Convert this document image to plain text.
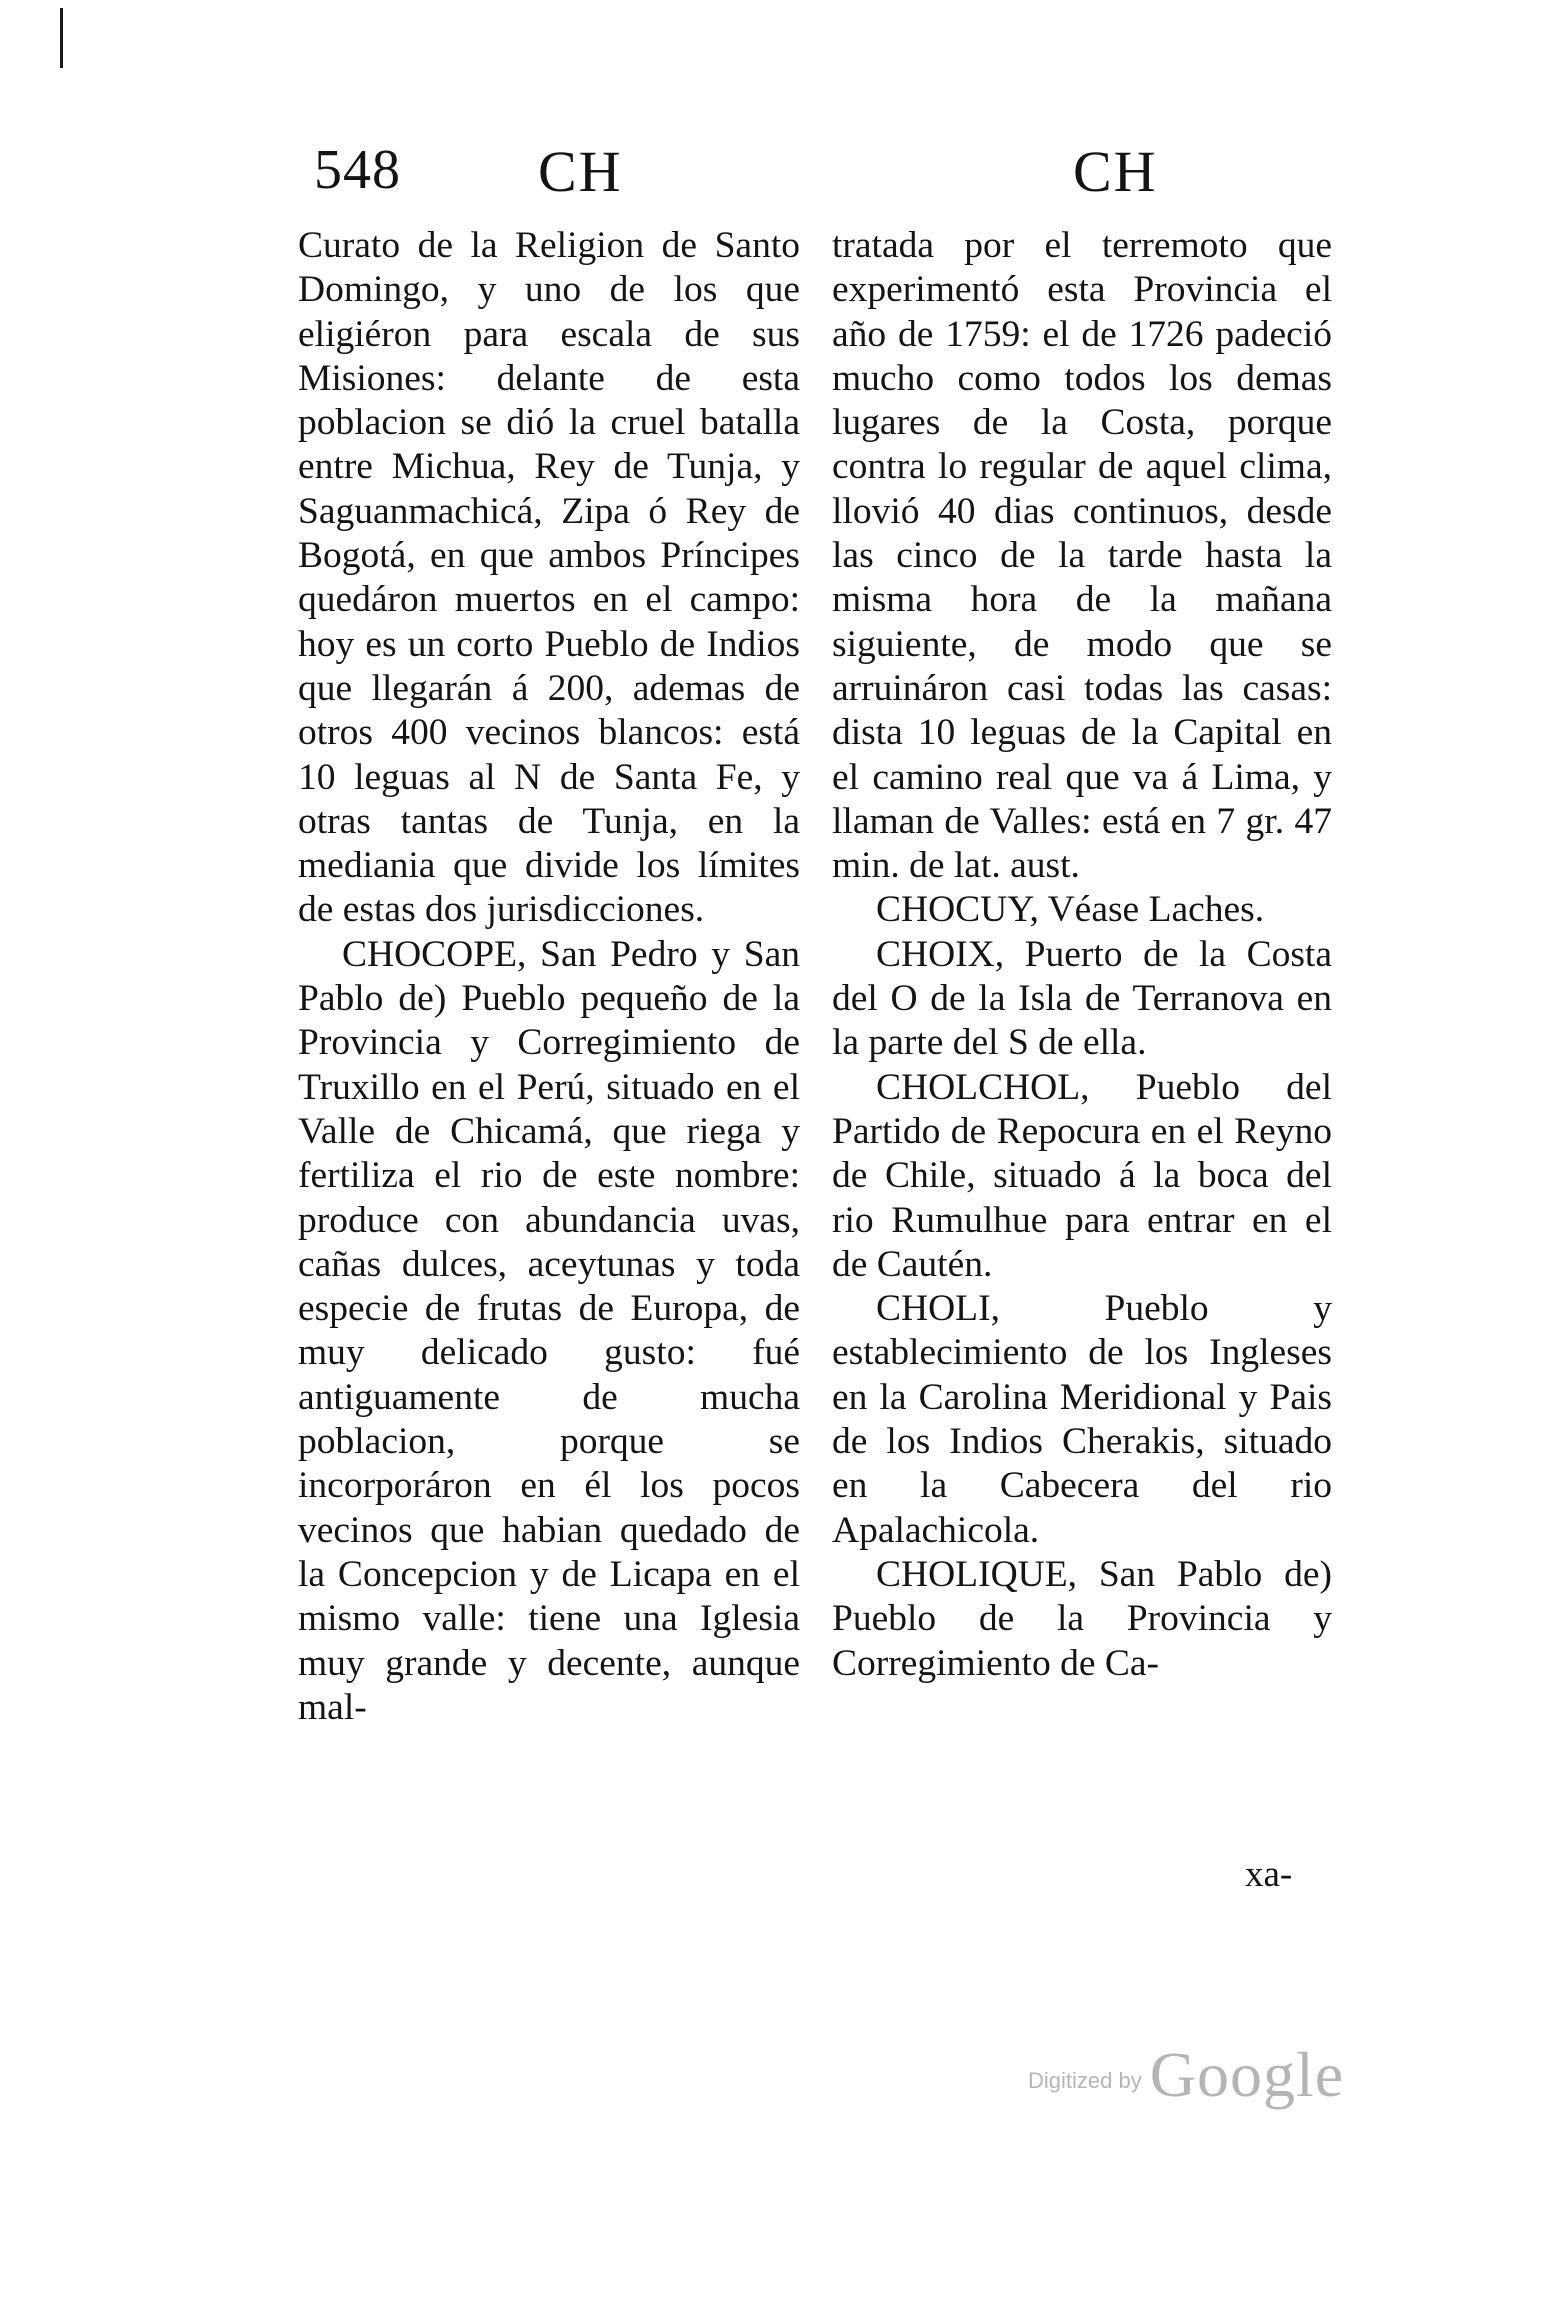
548 CH	CH

Curato de la Religion de Santo Domingo, y uno de los que eligiéron para escala de sus Misiones: delante de esta poblacion se dió la cruel batalla entre Michua, Rey de Tunja, y Saguanmachicá, Zipa ó Rey de Bogotá, en que ambos Príncipes quedáron muertos en el campo: hoy es un corto Pueblo de Indios que llegarán á 200, ademas de otros 400 vecinos blancos: está 10 leguas al N de Santa Fe, y otras tantas de Tunja, en la mediania que divide los límites de estas dos jurisdicciones.

CHOCOPE, San Pedro y San Pablo de) Pueblo pequeño de la Provincia y Corregimiento de Truxillo en el Perú, situado en el Valle de Chicamá, que riega y fertiliza el rio de este nombre: produce con abundancia uvas, cañas dulces, aceytunas y toda especie de frutas de Europa, de muy delicado gusto: fué antiguamente de mucha poblacion, porque se incorporáron en él los pocos vecinos que habian quedado de la Concepcion y de Licapa en el mismo valle: tiene una Iglesia muy grande y decente, aunque mal-

tratada por el terremoto que experimentó esta Provincia el año de 1759: el de 1726 padeció mucho como todos los demas lugares de la Costa, porque contra lo regular de aquel clima, llovió 40 dias continuos, desde las cinco de la tarde hasta la misma hora de la mañana siguiente, de modo que se arruináron casi todas las casas: dista 10 leguas de la Capital en el camino real que va á Lima, y llaman de Valles: está en 7 gr. 47 min. de lat. aust.

CHOCUY, Véase Laches.

CHOIX, Puerto de la Costa del O de la Isla de Terranova en la parte del S de ella.

CHOLCHOL, Pueblo del Partido de Repocura en el Reyno de Chile, situado á la boca del rio Rumulhue para entrar en el de Cautén.

CHOLI, Pueblo y establecimiento de los Ingleses en la Carolina Meridional y Pais de los Indios Cherakis, situado en la Cabecera del rio Apalachicola.

CHOLIQUE, San Pablo de) Pueblo de la Provincia y Corregimiento de Ca-

xa-
Digitized by Google
